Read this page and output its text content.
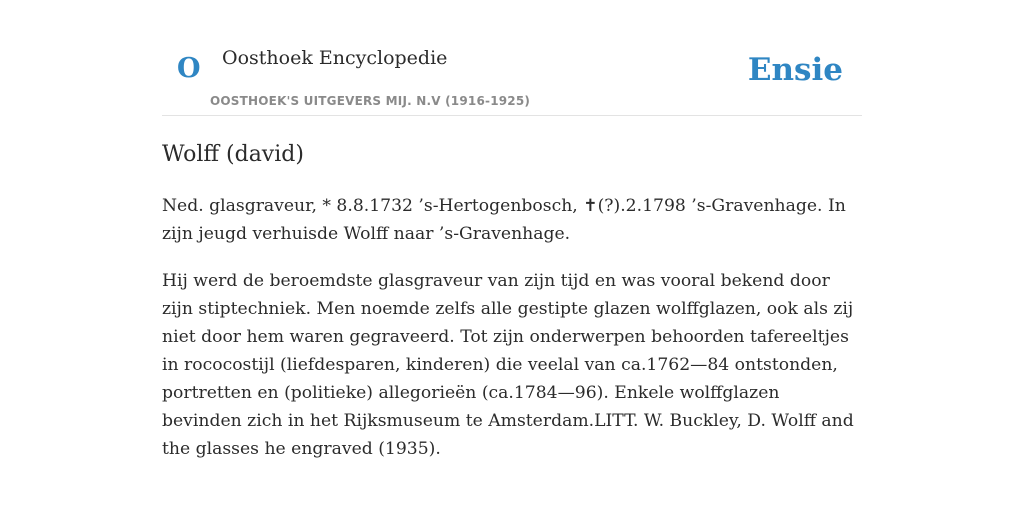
O Oosthoek Encyclopedie	Ensie
OOSTHOEK'S UITGEVERS MIJ. N.V (1916-1925)
Wolff (david)

Ned. glasgraveur, * 8.8.1732 ’s-Hertogenbosch, ✝(?).2.1798 ’s-Gravenhage. In zijn jeugd verhuisde Wolff naar ’s-Gravenhage.

Hij werd de beroemdste glasgraveur van zijn tijd en was vooral bekend door zijn stiptechniek. Men noemde zelfs alle gestipte glazen wolffglazen, ook als zij niet door hem waren gegraveerd. Tot zijn onderwerpen behoorden tafereeltjes in rococostijl (liefdesparen, kinderen) die veelal van ca.1762—84 ontstonden, portretten en (politieke) allegorieën (ca.1784—96). Enkele wolffglazen bevinden zich in het Rijksmuseum te Amsterdam.LITT. W. Buckley, D. Wolff and the glasses he engraved (1935).
